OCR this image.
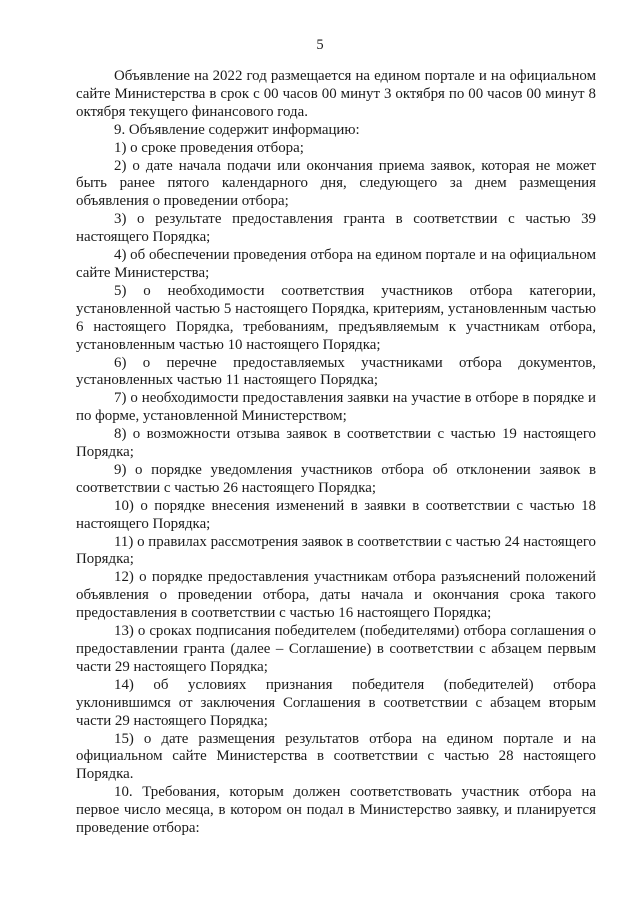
5

Объявление на 2022 год размещается на едином портале и на официальном сайте Министерства в срок с 00 часов 00 минут 3 октября по 00 часов 00 минут 8 октября текущего финансового года.

9. Объявление содержит информацию:

1) о сроке проведения отбора;

2) о дате начала подачи или окончания приема заявок, которая не может быть ранее пятого календарного дня, следующего за днем размещения объявления о проведении отбора;

3) о результате предоставления гранта в соответствии с частью 39 настоящего Порядка;

4) об обеспечении проведения отбора на едином портале и на официальном сайте Министерства;

5) о необходимости соответствия участников отбора категории, установленной частью 5 настоящего Порядка, критериям, установленным частью 6 настоящего Порядка, требованиям, предъявляемым к участникам отбора, установленным частью 10 настоящего Порядка;

6) о перечне предоставляемых участниками отбора документов, установленных частью 11 настоящего Порядка;

7) о необходимости предоставления заявки на участие в отборе в порядке и по форме, установленной Министерством;

8) о возможности отзыва заявок в соответствии с частью 19 настоящего Порядка;

9) о порядке уведомления участников отбора об отклонении заявок в соответствии с частью 26 настоящего Порядка;

10) о порядке внесения изменений в заявки в соответствии с частью 18 настоящего Порядка;

11) о правилах рассмотрения заявок в соответствии с частью 24 настоящего Порядка;

12) о порядке предоставления участникам отбора разъяснений положений объявления о проведении отбора, даты начала и окончания срока такого предоставления в соответствии с частью 16 настоящего Порядка;

13) о сроках подписания победителем (победителями) отбора соглашения о предоставлении гранта (далее – Соглашение) в соответствии с абзацем первым части 29 настоящего Порядка;

14) об условиях признания победителя (победителей) отбора уклонившимся от заключения Соглашения в соответствии с абзацем вторым части 29 настоящего Порядка;

15) о дате размещения результатов отбора на едином портале и на официальном сайте Министерства в соответствии с частью 28 настоящего Порядка.

10. Требования, которым должен соответствовать участник отбора на первое число месяца, в котором он подал в Министерство заявку, и планируется проведение отбора:
